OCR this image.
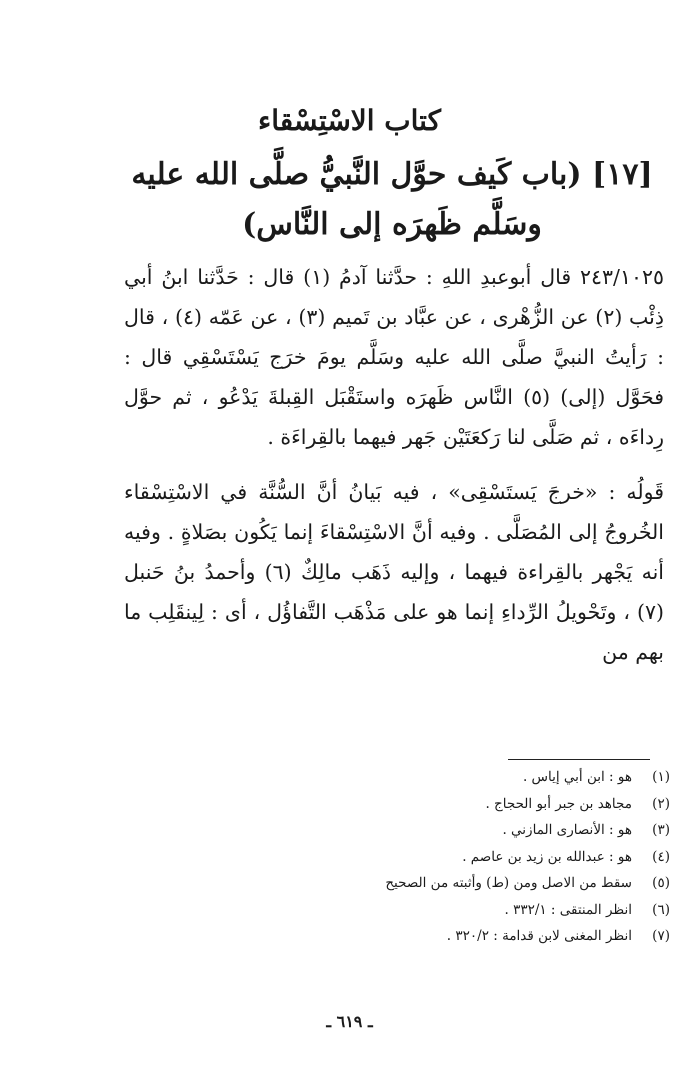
كتاب الاسْتِسْقاء
[١٧] (باب كَيف حوَّل النَّبيُّ صلَّى الله عليه وسَلَّم ظَهرَه إلى النَّاس)

٢٤٣/١٠٢٥ قال أبوعبدِ اللهِ : حدَّثنا آدمُ (١) قال : حَدَّثنا ابنُ أبي ذِئْب (٢) عن الزُّهْرى ، عن عبَّاد بن تَميم (٣) ، عن عَمّه (٤) ، قال : رَأيتُ النبيَّ صلَّى الله عليه وسَلَّم يومَ خرَج يَسْتَسْقِي قال : فحَوَّل (إلى) (٥) النَّاس ظَهرَه واستَقْبَل القِبلةَ يَدْعُو ، ثم حوَّل رِداءَه ، ثم صَلَّى لنا رَكعَتَيْن جَهر فيهما بالقِراءَة .

قَولُه : «خرجَ يَستَسْقِى» ، فيه بَيانُ أنَّ السُّنَّة في الاسْتِسْقاء الخُروجُ إلى المُصَلَّى . وفيه أنَّ الاسْتِسْقاءَ إنما يَكُون بصَلاةٍ . وفيه أنه يَجْهر بالقِراءة فيهما ، وإليه ذَهَب مالِكٌ (٦) وأحمدُ بنُ حَنبل (٧) ، وتَحْويلُ الرِّداءِ إنما هو على مَذْهَب التَّفاؤُل ، أى : لِينقَلِب ما بهم من

(١)
هو : ابن أبي إياس .
(٢)
مجاهد بن جبر أبو الحجاج .
(٣)
هو : الأنصارى المازني .
(٤)
هو : عبدالله بن زيد بن عاصم .
(٥)
سقط من الاصل ومن (ط) وأثبته من الصحيح
(٦)
انظر المنتقى : ٣٣٢/١ .
(٧)
انظر المغنى لابن قدامة : ٣٢٠/٢ .
ـ ٦١٩ ـ
